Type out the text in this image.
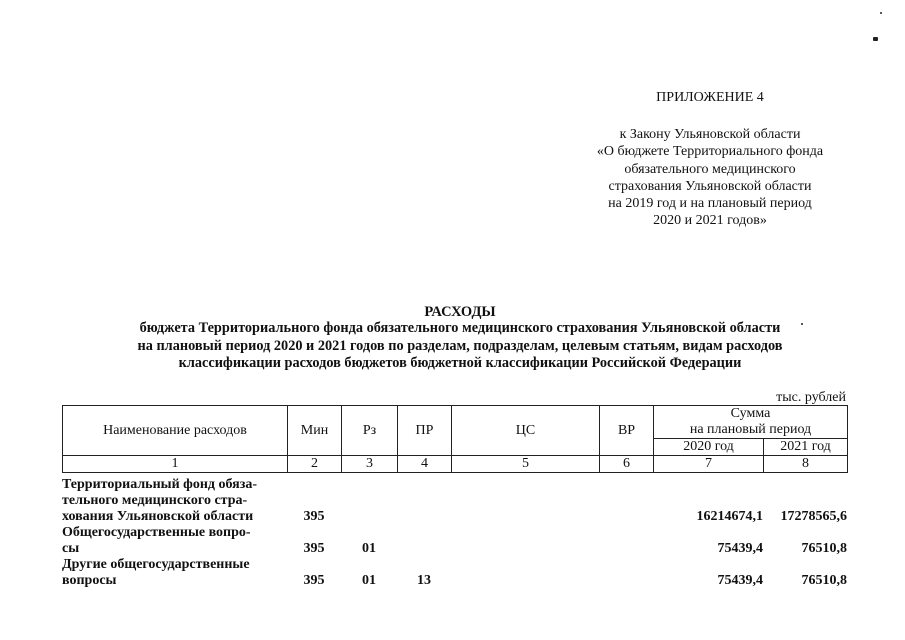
ПРИЛОЖЕНИЕ 4
к Закону Ульяновской области
«О бюджете Территориального фонда
обязательного медицинского
страхования Ульяновской области
на 2019 год и на плановый период
2020 и 2021 годов»
РАСХОДЫ
бюджета Территориального фонда обязательного медицинского страхования Ульяновской области
на плановый период 2020 и 2021 годов по разделам, подразделам, целевым статьям, видам расходов
классификации расходов бюджетов бюджетной классификации Российской Федерации
тыс. рублей
Наименование расходов	Мин	Рз	ПР	ЦС	ВР	Сумма
на плановый период	

						2020 год	2021 год
1	2	3	4	5	6	7	8
Территориальный фонд обяза-
тельного медицинского стра-
хования Ульяновской области	395					16214674,1	17278565,6

Общегосударственные вопро-
сы	395	01				75439,4	76510,8

Другие общегосударственные
вопросы	395	01	13			75439,4	76510,8
